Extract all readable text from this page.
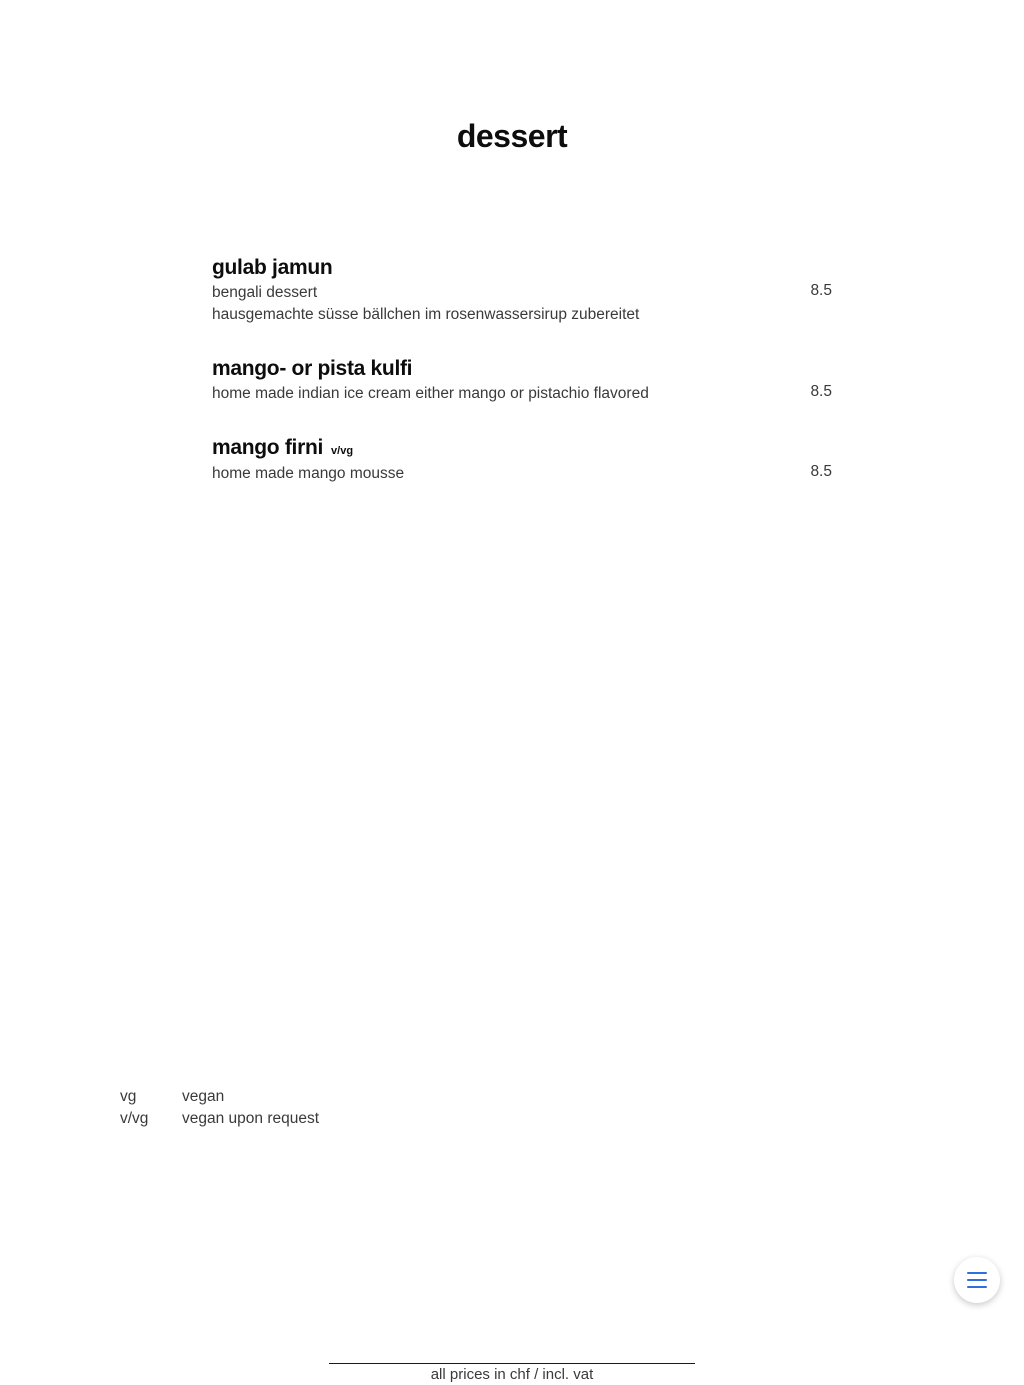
dessert
gulab jamun
bengali dessert
hausgemachte süsse bällchen im rosenwassersirup zubereitet
8.5
mango- or pista kulfi
home made indian ice cream either mango or pistachio flavored	8.5
mango firni v/vg
home made mango mousse	8.5
vg	vegan
v/vg	vegan upon request
all prices in chf / incl. vat
